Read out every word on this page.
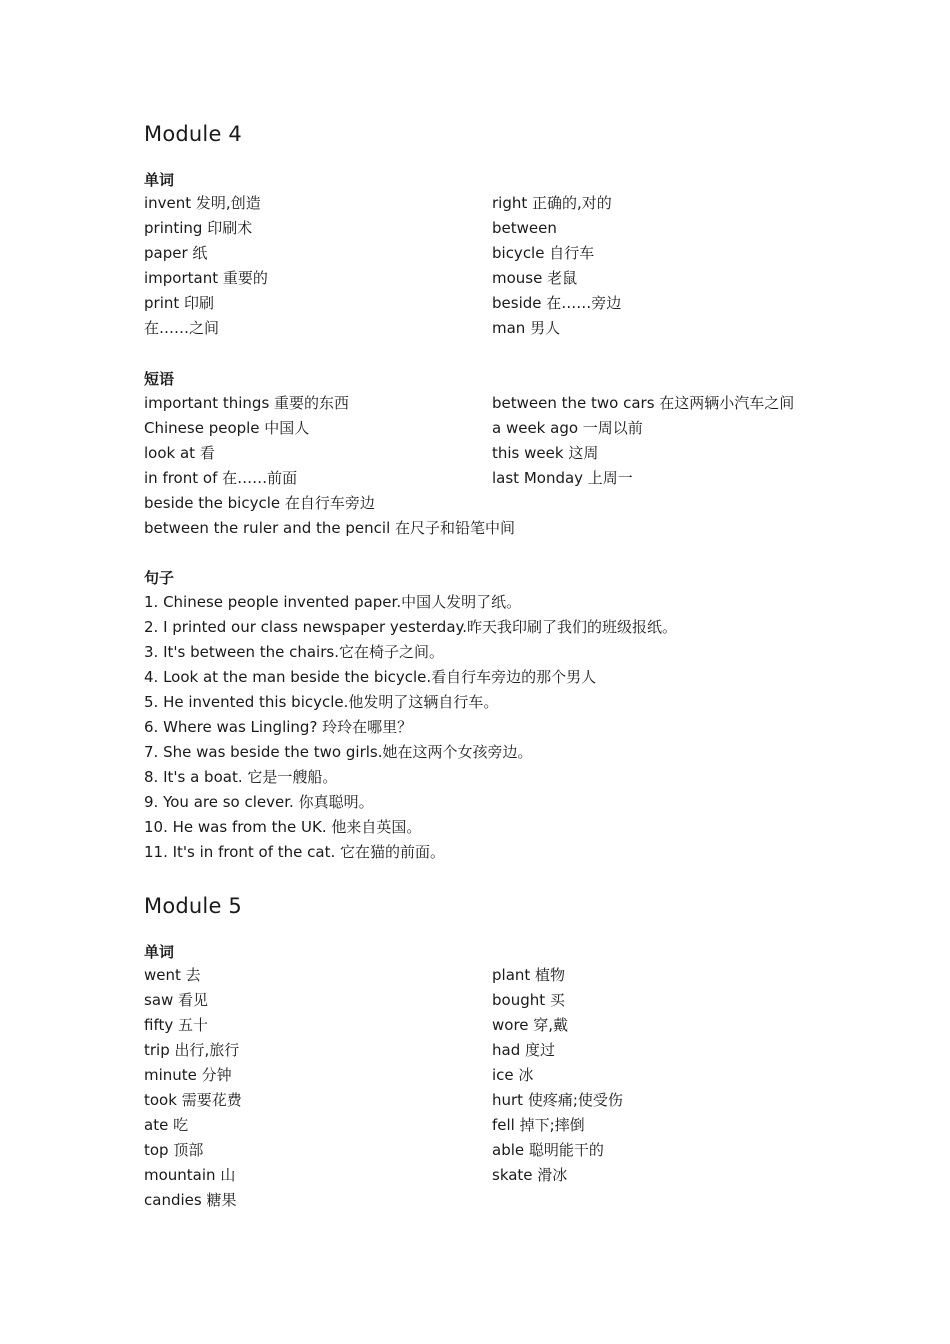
Module 4
单词
invent 发明,创造
printing 印刷术
paper 纸
important 重要的
print 印刷
在……之间
right 正确的,对的
between
bicycle 自行车
mouse 老鼠
beside 在……旁边
man 男人
短语
important things 重要的东西
Chinese people 中国人
look at 看
in front of 在……前面
beside the bicycle 在自行车旁边
between the ruler and the pencil 在尺子和铅笔中间
between the two cars 在这两辆小汽车之间
a week ago 一周以前
this week 这周
last Monday 上周一
句子
1. Chinese people invented paper.中国人发明了纸。
2. I printed our class newspaper yesterday.昨天我印刷了我们的班级报纸。
3. It's between the chairs.它在椅子之间。
4. Look at the man beside the bicycle.看自行车旁边的那个男人
5. He invented this bicycle.他发明了这辆自行车。
6. Where was Lingling? 玲玲在哪里？
7. She was beside the two girls.她在这两个女孩旁边。
8. It's a boat. 它是一艘船。
9. You are so clever. 你真聪明。
10. He was from the UK. 他来自英国。
11. It's in front of the cat. 它在猫的前面。
Module 5
单词
went 去
saw 看见
fifty 五十
trip 出行,旅行
minute 分钟
took 需要花费
ate 吃
top 顶部
mountain 山
candies 糖果
plant 植物
bought 买
wore 穿,戴
had 度过
ice 冰
hurt 使疼痛;使受伤
fell 掉下;摔倒
able 聪明能干的
skate 滑冰
